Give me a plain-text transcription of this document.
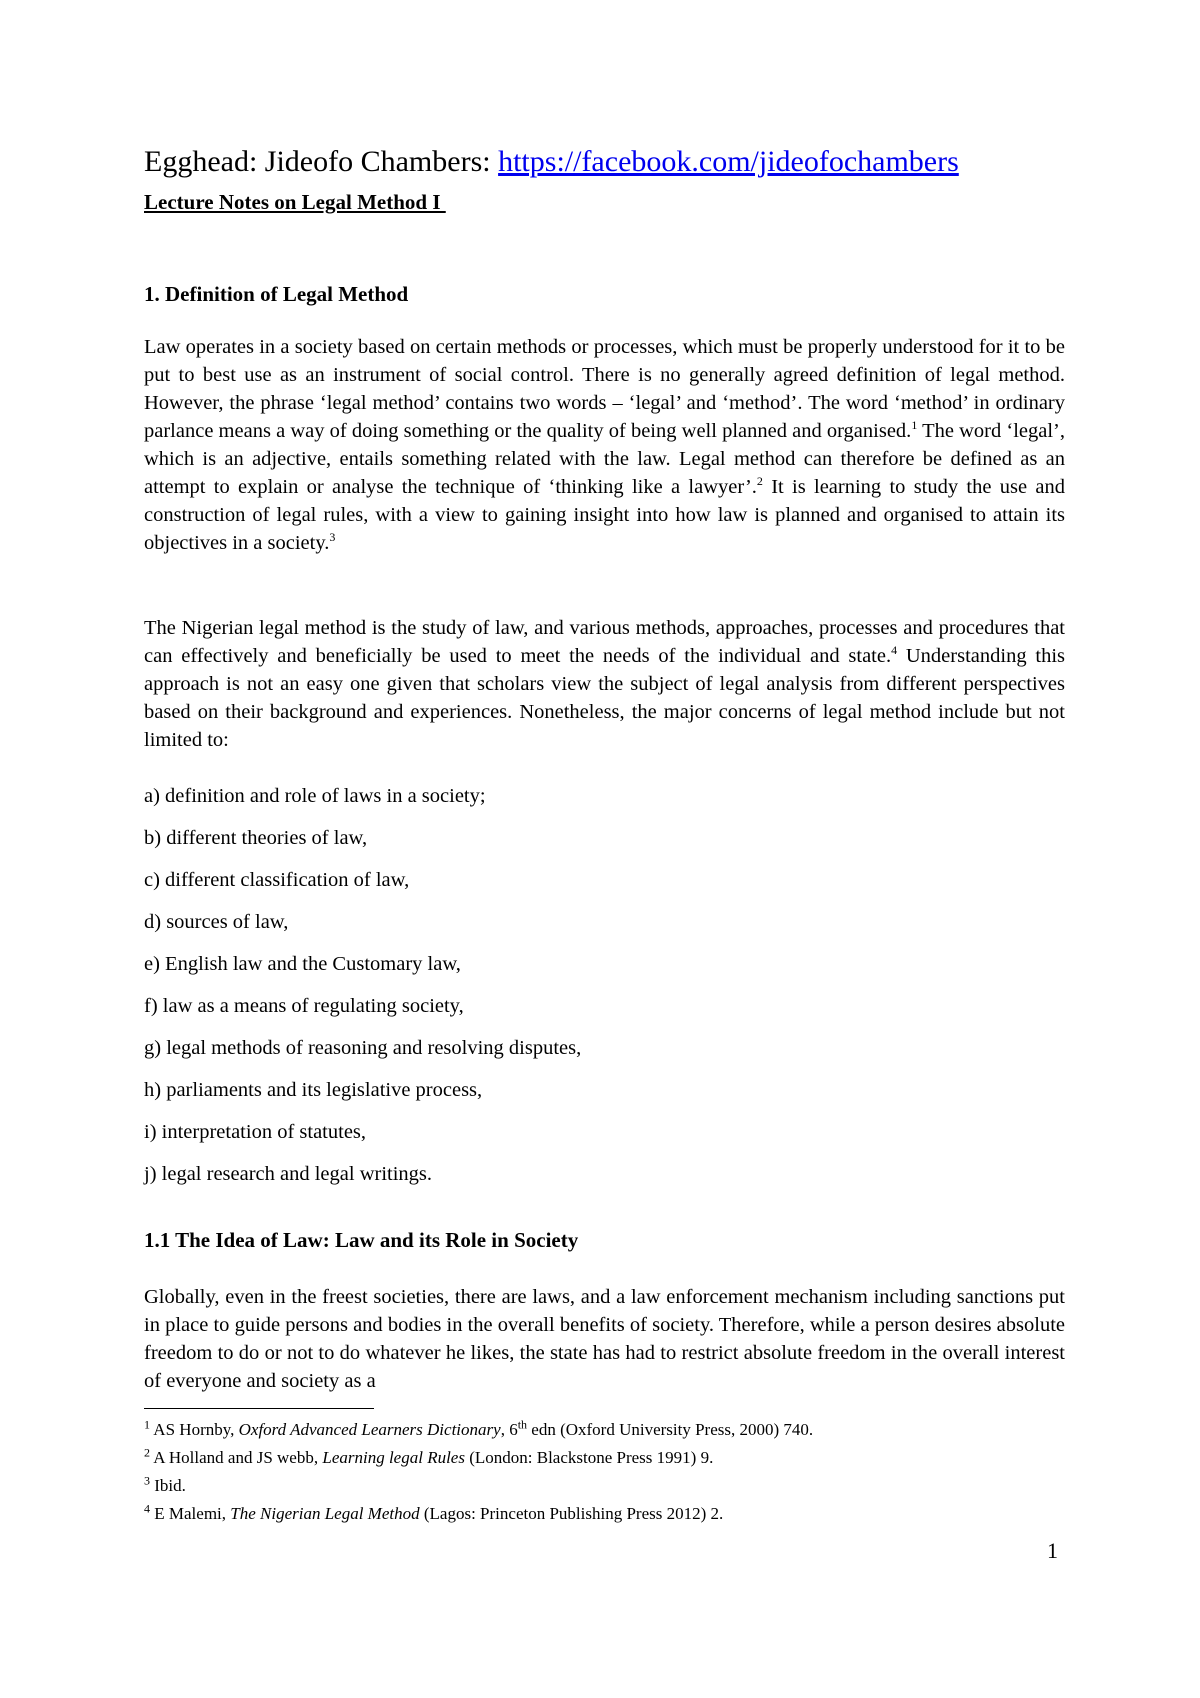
Egghead: Jideofo Chambers: https://facebook.com/jideofochambers
Lecture Notes on Legal Method I
1. Definition of Legal Method

Law operates in a society based on certain methods or processes, which must be properly understood for it to be put to best use as an instrument of social control. There is no generally agreed definition of legal method. However, the phrase ‘legal method’ contains two words – ‘legal’ and ‘method’. The word ‘method’ in ordinary parlance means a way of doing something or the quality of being well planned and organised.$^1$ The word ‘legal’, which is an adjective, entails something related with the law. Legal method can therefore be defined as an attempt to explain or analyse the technique of ‘thinking like a lawyer’.$^2$ It is learning to study the use and construction of legal rules, with a view to gaining insight into how law is planned and organised to attain its objectives in a society.$^3$

The Nigerian legal method is the study of law, and various methods, approaches, processes and procedures that can effectively and beneficially be used to meet the needs of the individual and state.$^4$ Understanding this approach is not an easy one given that scholars view the subject of legal analysis from different perspectives based on their background and experiences. Nonetheless, the major concerns of legal method include but not limited to:

a) definition and role of laws in a society;
b) different theories of law,
c) different classification of law,
d) sources of law,
e) English law and the Customary law,
f) law as a means of regulating society,
g) legal methods of reasoning and resolving disputes,
h) parliaments and its legislative process,
i) interpretation of statutes,
j) legal research and legal writings.
1.1 The Idea of Law: Law and its Role in Society

Globally, even in the freest societies, there are laws, and a law enforcement mechanism including sanctions put in place to guide persons and bodies in the overall benefits of society. Therefore, while a person desires absolute freedom to do or not to do whatever he likes, the state has had to restrict absolute freedom in the overall interest of everyone and society as a

$^1$ AS Hornby, Oxford Advanced Learners Dictionary, 6th edn (Oxford University Press, 2000) 740.
$^2$ A Holland and JS webb, Learning legal Rules (London: Blackstone Press 1991) 9.
$^3$ Ibid.
$^4$ E Malemi, The Nigerian Legal Method (Lagos: Princeton Publishing Press 2012) 2.
1
